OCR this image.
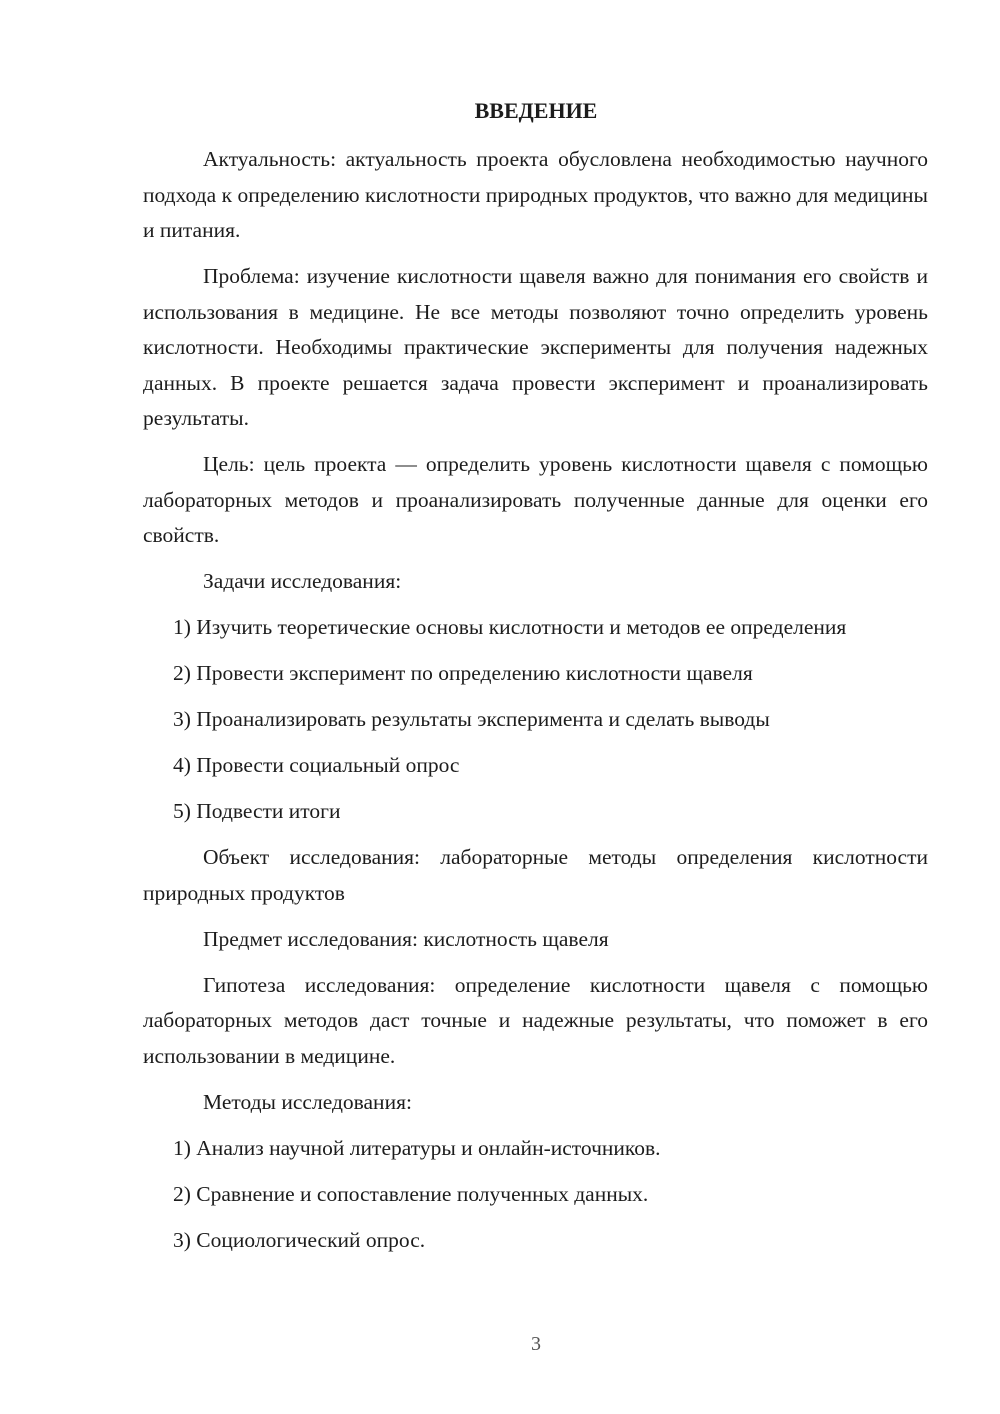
ВВЕДЕНИЕ

Актуальность: актуальность проекта обусловлена необходимостью научного подхода к определению кислотности природных продуктов, что важно для медицины и питания.

Проблема: изучение кислотности щавеля важно для понимания его свойств и использования в медицине. Не все методы позволяют точно определить уровень кислотности. Необходимы практические эксперименты для получения надежных данных. В проекте решается задача провести эксперимент и проанализировать результаты.

Цель: цель проекта — определить уровень кислотности щавеля с помощью лабораторных методов и проанализировать полученные данные для оценки его свойств.

Задачи исследования:

1) Изучить теоретические основы кислотности и методов ее определения

2) Провести эксперимент по определению кислотности щавеля

3) Проанализировать результаты эксперимента и сделать выводы

4) Провести социальный опрос

5) Подвести итоги

Объект исследования: лабораторные методы определения кислотности природных продуктов

Предмет исследования: кислотность щавеля

Гипотеза исследования: определение кислотности щавеля с помощью лабораторных методов даст точные и надежные результаты, что поможет в его использовании в медицине.

Методы исследования:

1) Анализ научной литературы и онлайн-источников.

2) Сравнение и сопоставление полученных данных.

3) Социологический опрос.

3
